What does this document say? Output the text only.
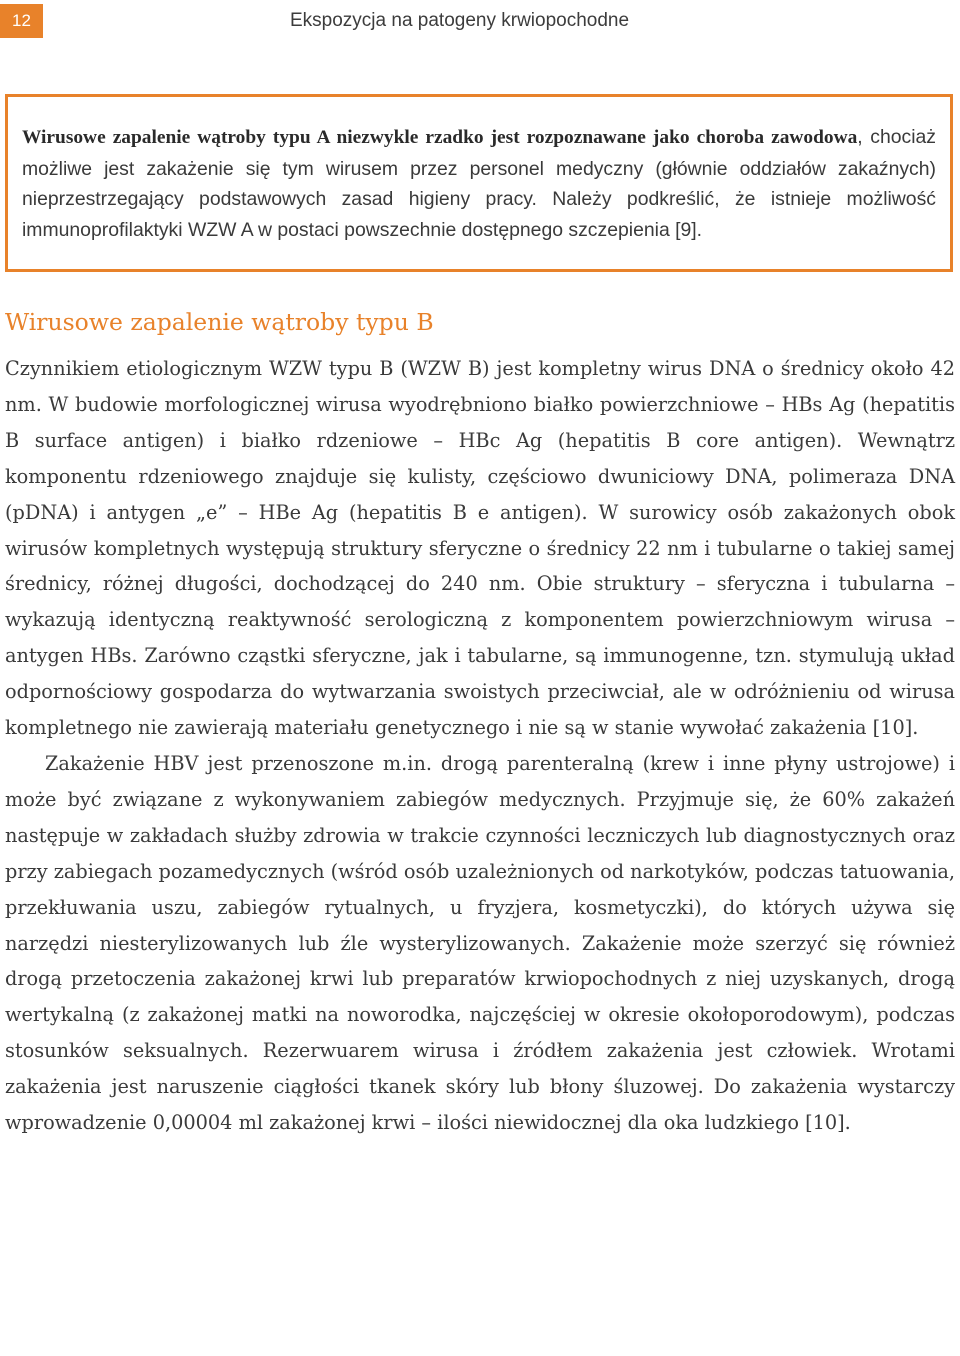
12	Ekspozycja na patogeny krwiopochodne
Wirusowe zapalenie wątroby typu A niezwykle rzadko jest rozpoznawane jako choroba zawodowa, chociaż możliwe jest zakażenie się tym wirusem przez personel medyczny (głównie oddziałów zakaźnych) nieprzestrzegający podstawowych zasad higieny pracy. Należy podkreślić, że istnieje możliwość immunoprofilaktyki WZW A w postaci powszechnie dostępnego szczepienia [9].
Wirusowe zapalenie wątroby typu B

Czynnikiem etiologicznym WZW typu B (WZW B) jest kompletny wirus DNA o średnicy około 42 nm. W budowie morfologicznej wirusa wyodrębniono białko powierzchniowe – HBs Ag (hepatitis B surface antigen) i białko rdzeniowe – HBc Ag (hepatitis B core antigen). Wewnątrz komponentu rdzeniowego znajduje się kulisty, częściowo dwuniciowy DNA, polimeraza DNA (pDNA) i antygen „e” – HBe Ag (hepatitis B e antigen). W surowicy osób zakażonych obok wirusów kompletnych występują struktury sferyczne o średnicy 22 nm i tubularne o takiej samej średnicy, różnej długości, dochodzącej do 240 nm. Obie struktury – sferyczna i tubularna – wykazują identyczną reaktywność serologiczną z komponentem powierzchniowym wirusa – antygen HBs. Zarówno cząstki sferyczne, jak i tabularne, są immunogenne, tzn. stymulują układ odpornościowy gospodarza do wytwarzania swoistych przeciwciał, ale w odróżnieniu od wirusa kompletnego nie zawierają materiału genetycznego i nie są w stanie wywołać zakażenia [10].

Zakażenie HBV jest przenoszone m.in. drogą parenteralną (krew i inne płyny ustrojowe) i może być związane z wykonywaniem zabiegów medycznych. Przyjmuje się, że 60% zakażeń następuje w zakładach służby zdrowia w trakcie czynności leczniczych lub diagnostycznych oraz przy zabiegach pozamedycznych (wśród osób uzależnionych od narkotyków, podczas tatuowania, przekłuwania uszu, zabiegów rytualnych, u fryzjera, kosmetyczki), do których używa się narzędzi niesterylizowanych lub źle wysterylizowanych. Zakażenie może szerzyć się również drogą przetoczenia zakażonej krwi lub preparatów krwiopochodnych z niej uzyskanych, drogą wertykalną (z zakażonej matki na noworodka, najczęściej w okresie okołoporodowym), podczas stosunków seksualnych. Rezerwuarem wirusa i źródłem zakażenia jest człowiek. Wrotami zakażenia jest naruszenie ciągłości tkanek skóry lub błony śluzowej. Do zakażenia wystarczy wprowadzenie 0,00004 ml zakażonej krwi – ilości niewidocznej dla oka ludzkiego [10].
